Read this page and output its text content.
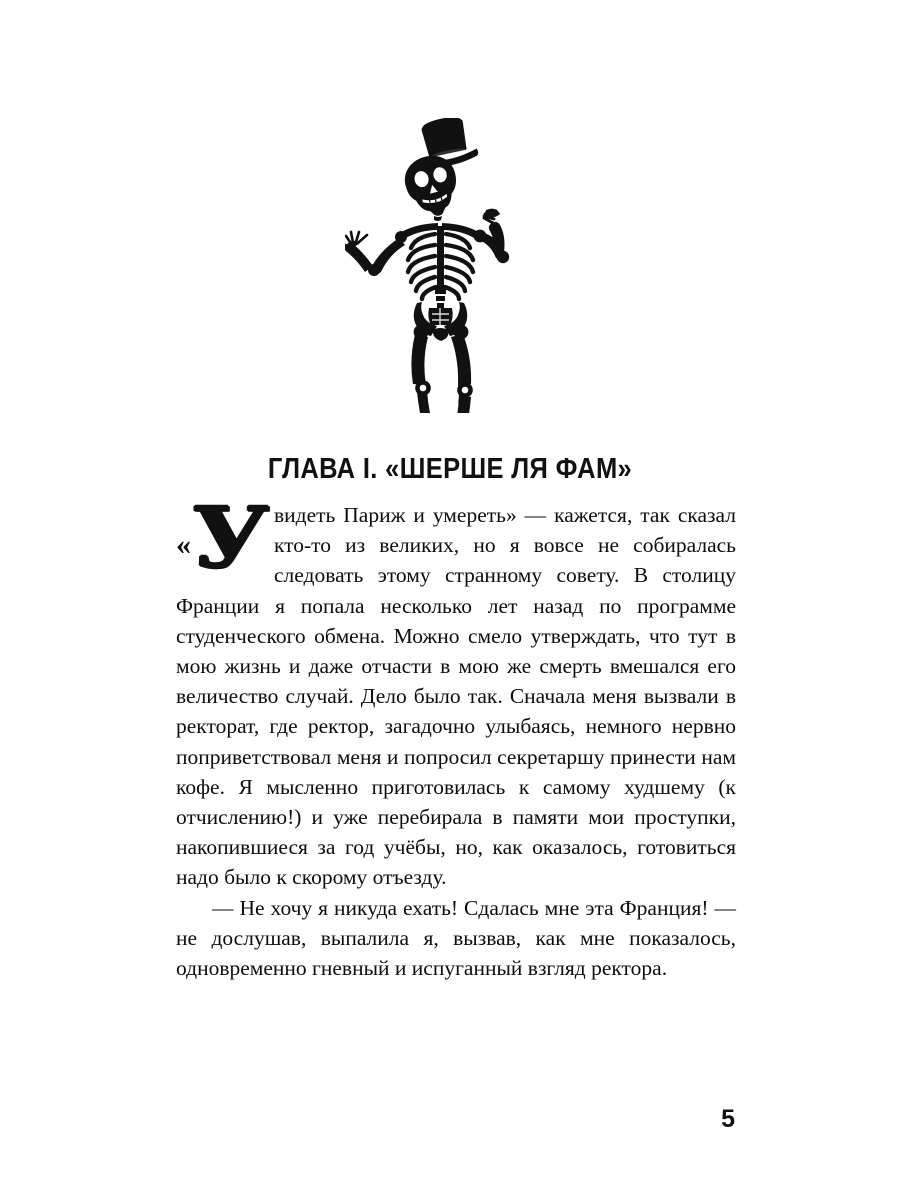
ГЛАВА I. «ШЕРШЕ ЛЯ ФАМ»

«
У видеть Париж и умереть» — кажется, так сказал кто-то из великих, но я вовсе не собиралась следовать этому странному совету. В столицу Франции я попала несколько лет назад по программе студенческого обмена. Можно смело утверждать, что тут в мою жизнь и даже отчасти в мою же смерть вмешался его величество случай. Дело было так. Сначала меня вызвали в ректорат, где ректор, загадочно улыбаясь, немного нервно поприветствовал меня и попросил секретаршу принести нам кофе. Я мысленно приготовилась к самому худшему (к отчислению!) и уже перебирала в памяти мои проступки, накопившиеся за год учёбы, но, как оказалось, готовиться надо было к скорому отъезду.

— Не хочу я никуда ехать! Сдалась мне эта Франция! — не дослушав, выпалила я, вызвав, как мне показалось, одновременно гневный и испуганный взгляд ректора.

5
